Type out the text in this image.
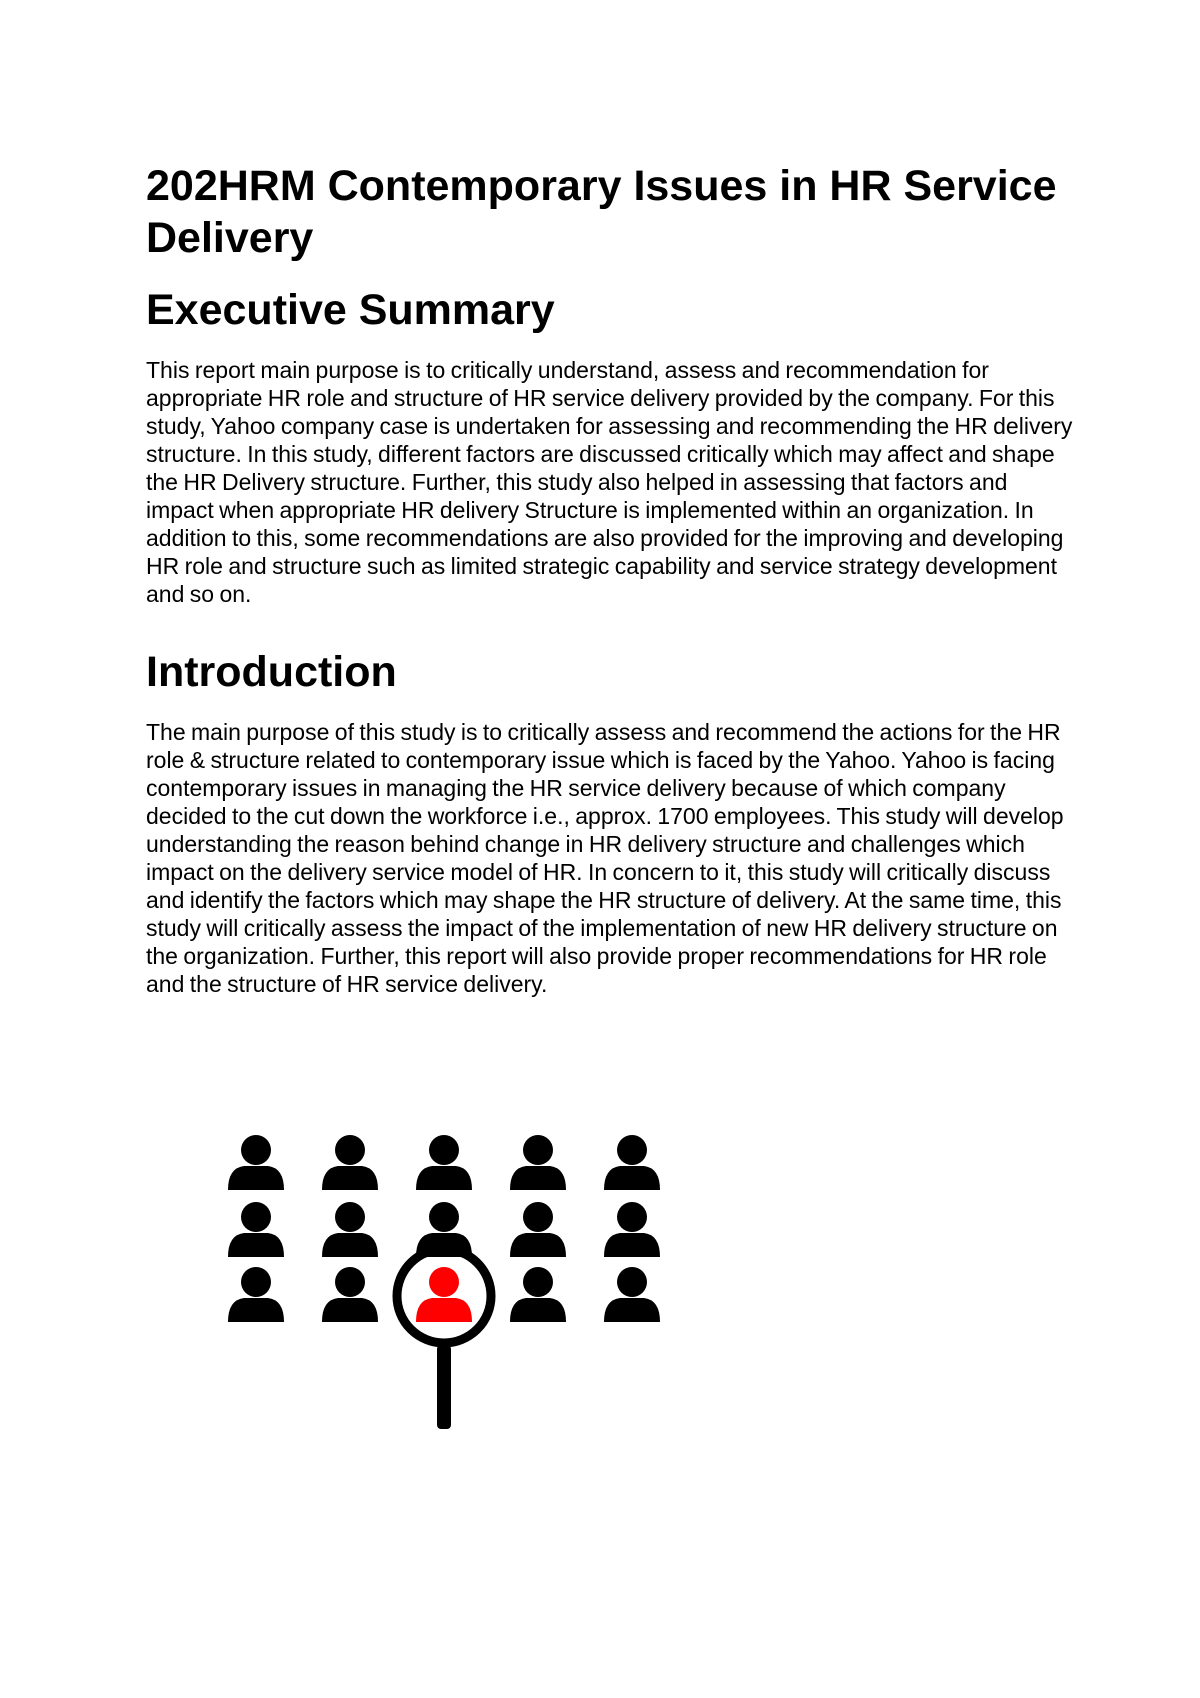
202HRM Contemporary Issues in HR Service Delivery
Executive Summary

This report main purpose is to critically understand, assess and recommendation for appropriate HR role and structure of HR service delivery provided by the company. For this study, Yahoo company case is undertaken for assessing and recommending the HR delivery structure. In this study, different factors are discussed critically which may affect and shape the HR Delivery structure. Further, this study also helped in assessing that factors and impact when appropriate HR delivery Structure is implemented within an organization. In addition to this, some recommendations are also provided for the improving and developing HR role and structure such as limited strategic capability and service strategy development and so on.

Introduction

The main purpose of this study is to critically assess and recommend the actions for the HR role & structure related to contemporary issue which is faced by the Yahoo. Yahoo is facing contemporary issues in managing the HR service delivery because of which company decided to the cut down the workforce i.e., approx. 1700 employees. This study will develop understanding the reason behind change in HR delivery structure and challenges which impact on the delivery service model of HR. In concern to it, this study will critically discuss and identify the factors which may shape the HR structure of delivery. At the same time, this study will critically assess the impact of the implementation of new HR delivery structure on the organization. Further, this report will also provide proper recommendations for HR role and the structure of HR service delivery.
